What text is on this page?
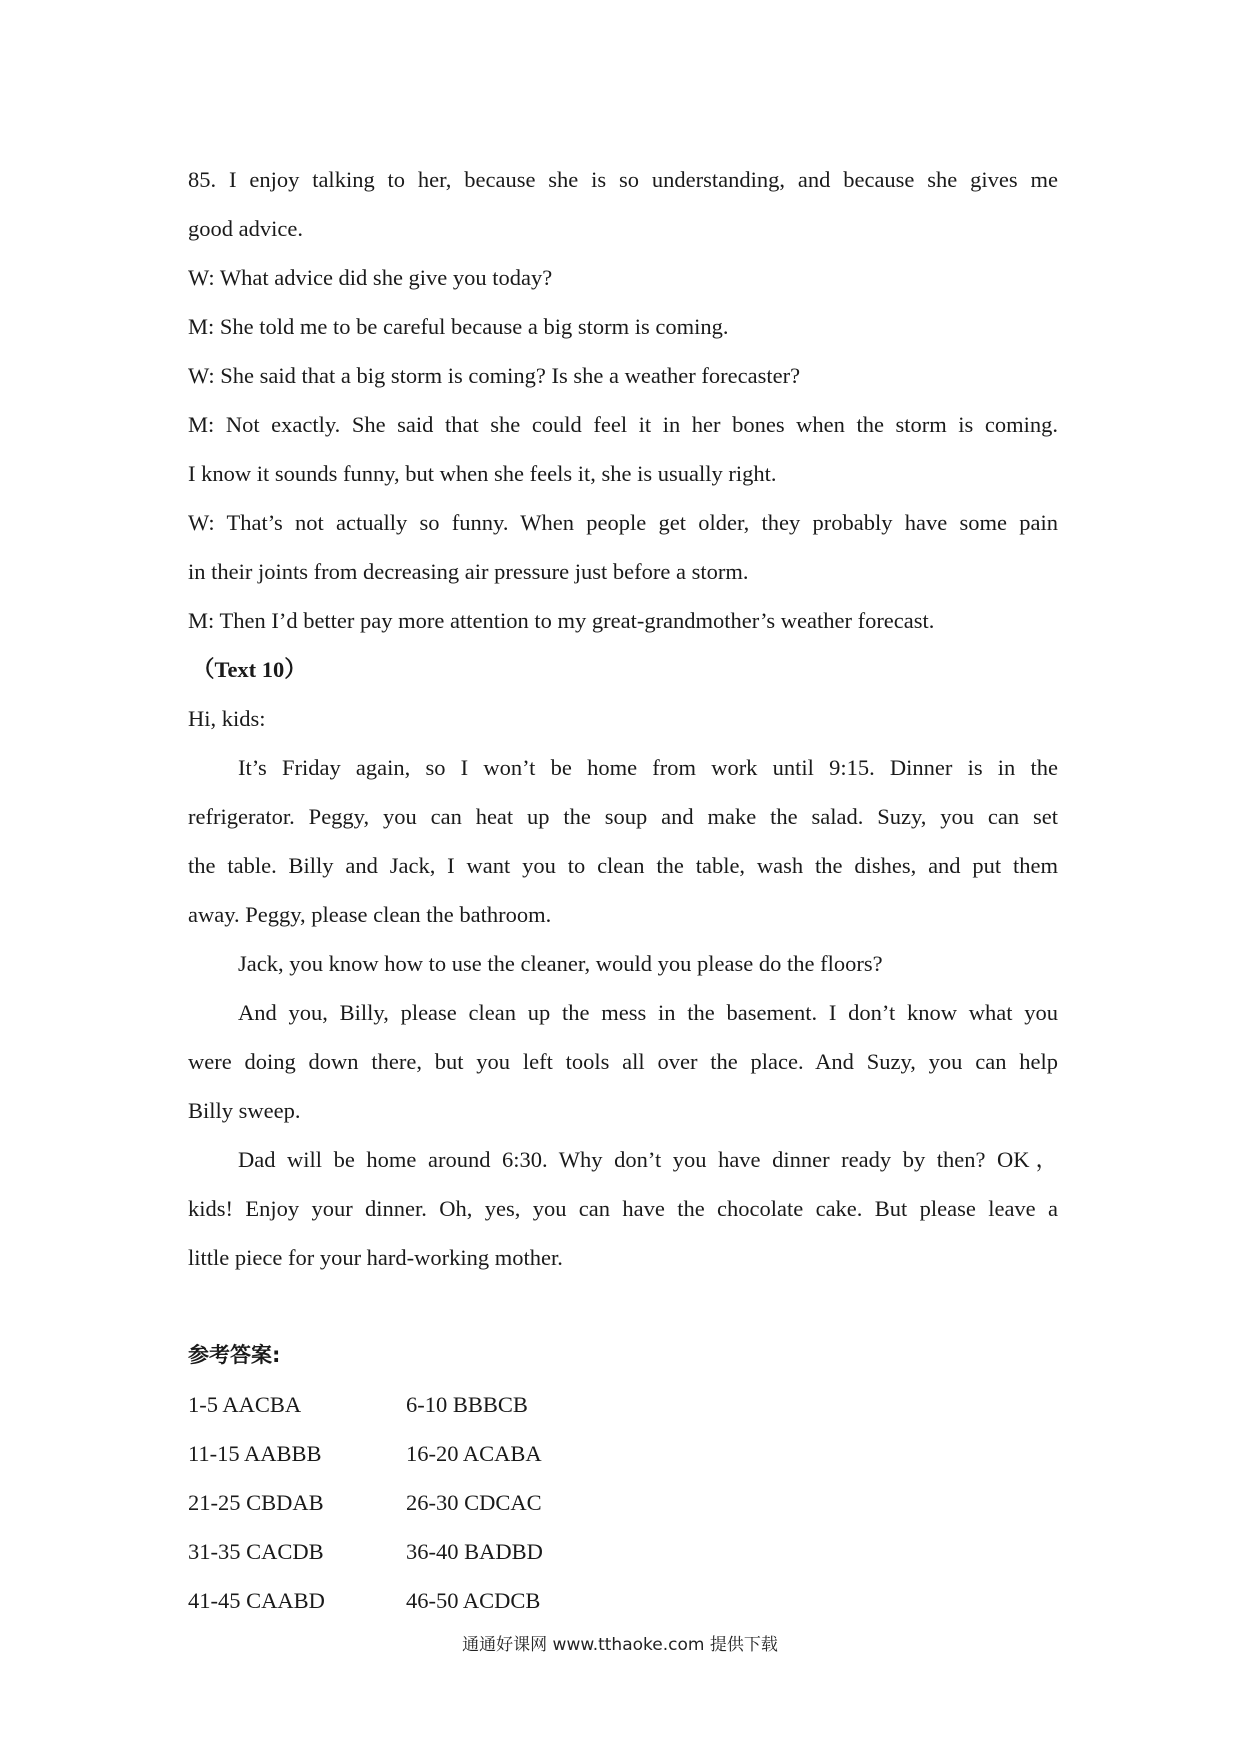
85. I enjoy talking to her, because she is so understanding, and because she gives me

good advice.

W: What advice did she give you today?

M: She told me to be careful because a big storm is coming.

W: She said that a big storm is coming? Is she a weather forecaster?

M: Not exactly. She said that she could feel it in her bones when the storm is coming.

I know it sounds funny, but when she feels it, she is usually right.

W: That’s not actually so funny. When people get older, they probably have some pain

in their joints from decreasing air pressure just before a storm.

M: Then I’d better pay more attention to my great-grandmother’s weather forecast.

（Text 10）

Hi, kids:

It’s Friday again, so I won’t be home from work until 9:15. Dinner is in the

refrigerator. Peggy, you can heat up the soup and make the salad. Suzy, you can set

the table. Billy and Jack, I want you to clean the table, wash the dishes, and put them

away. Peggy, please clean the bathroom.

Jack, you know how to use the cleaner, would you please do the floors?

And you, Billy, please clean up the mess in the basement. I don’t know what you

were doing down there, but you left tools all over the place. And Suzy, you can help

Billy sweep.

Dad will be home around 6:30. Why don’t you have dinner ready by then? OK，

kids! Enjoy your dinner. Oh, yes, you can have the chocolate cake. But please leave a

little piece for your hard-working mother.

参考答案:

1-5 AACBA	6-10 BBBCB
11-15 AABBB	16-20 ACABA
21-25 CBDAB	26-30 CDCAC
31-35 CACDB	36-40 BADBD
41-45 CAABD	46-50 ACDCB
通通好课网 www.tthaoke.com 提供下载
